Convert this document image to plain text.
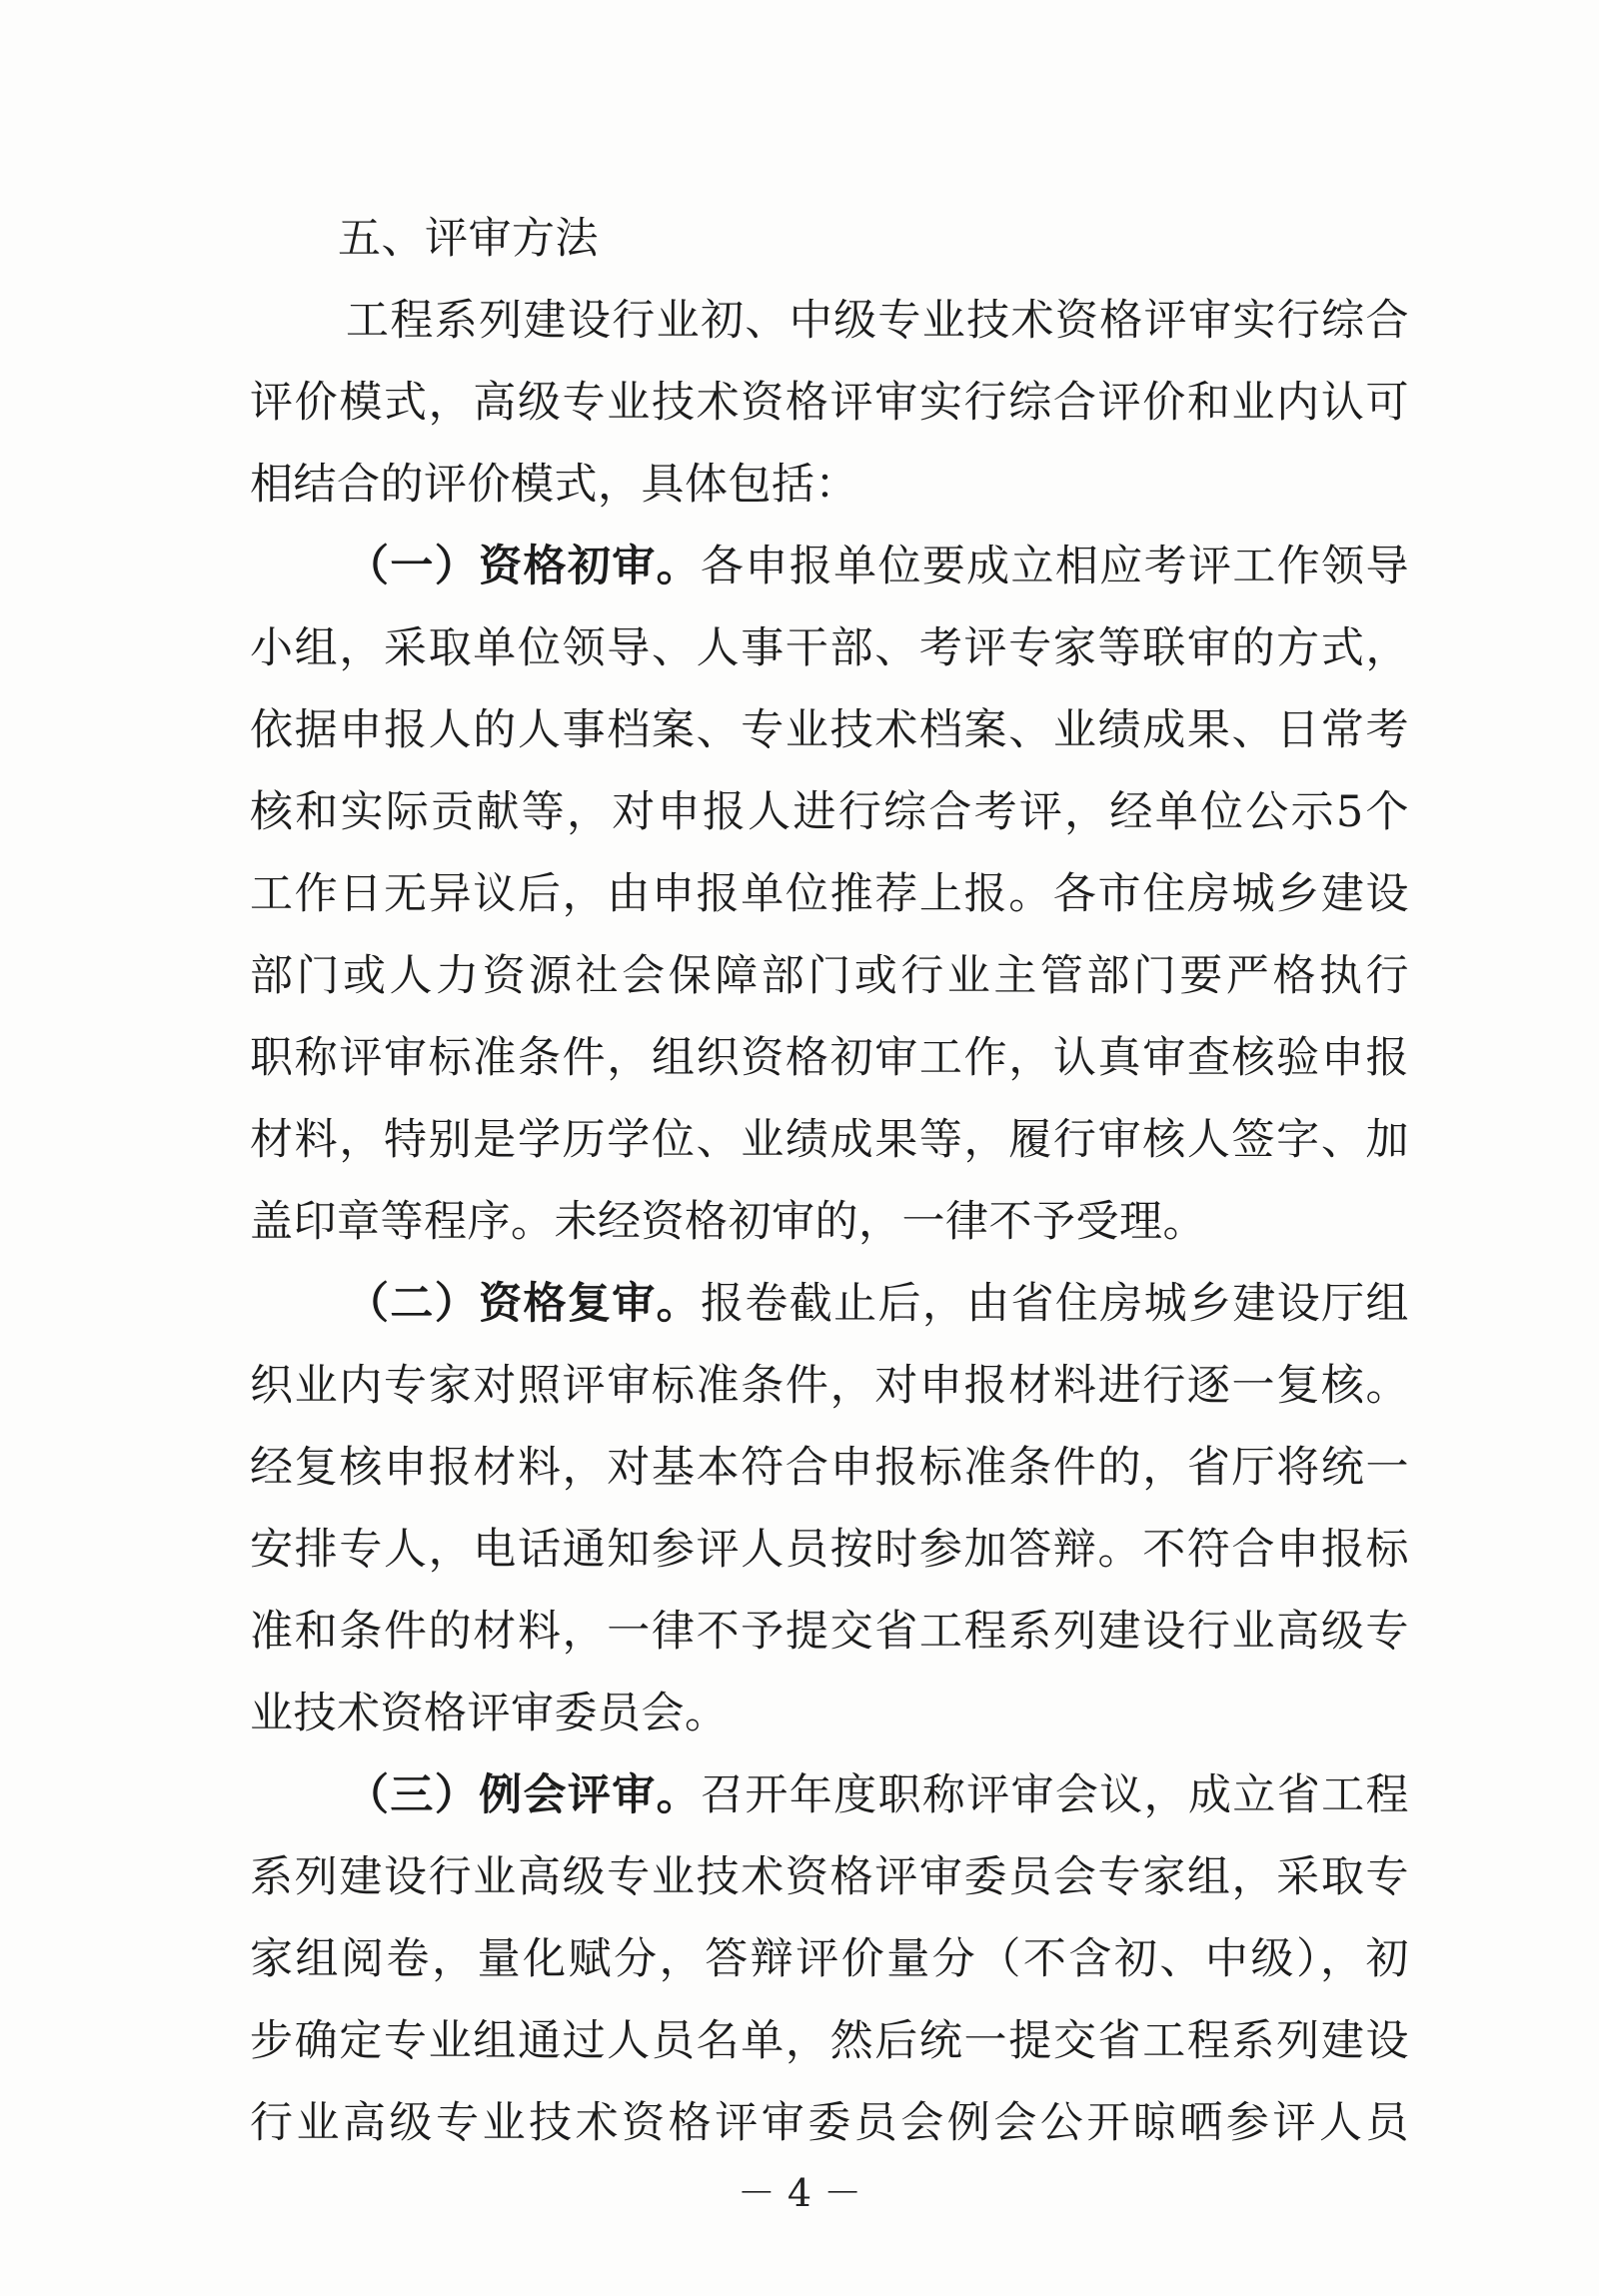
五、评审方法
工程系列建设行业初、中级专业技术资格评审实行综合
评价模式，高级专业技术资格评审实行综合评价和业内认可
相结合的评价模式，具体包括：
（一）资格初审。各申报单位要成立相应考评工作领导
小组，采取单位领导、人事干部、考评专家等联审的方式，
依据申报人的人事档案、专业技术档案、业绩成果、日常考
核和实际贡献等，对申报人进行综合考评，经单位公示5个
工作日无异议后，由申报单位推荐上报。各市住房城乡建设
部门或人力资源社会保障部门或行业主管部门要严格执行
职称评审标准条件，组织资格初审工作，认真审查核验申报
材料，特别是学历学位、业绩成果等，履行审核人签字、加
盖印章等程序。未经资格初审的，一律不予受理。
（二）资格复审。报卷截止后，由省住房城乡建设厅组
织业内专家对照评审标准条件，对申报材料进行逐一复核。
经复核申报材料，对基本符合申报标准条件的，省厅将统一
安排专人，电话通知参评人员按时参加答辩。不符合申报标
准和条件的材料，一律不予提交省工程系列建设行业高级专
业技术资格评审委员会。
（三）例会评审。召开年度职称评审会议，成立省工程
系列建设行业高级专业技术资格评审委员会专家组，采取专
家组阅卷，量化赋分，答辩评价量分（不含初、中级），初
步确定专业组通过人员名单，然后统一提交省工程系列建设
行业高级专业技术资格评审委员会例会公开晾晒参评人员
－ 4 －
